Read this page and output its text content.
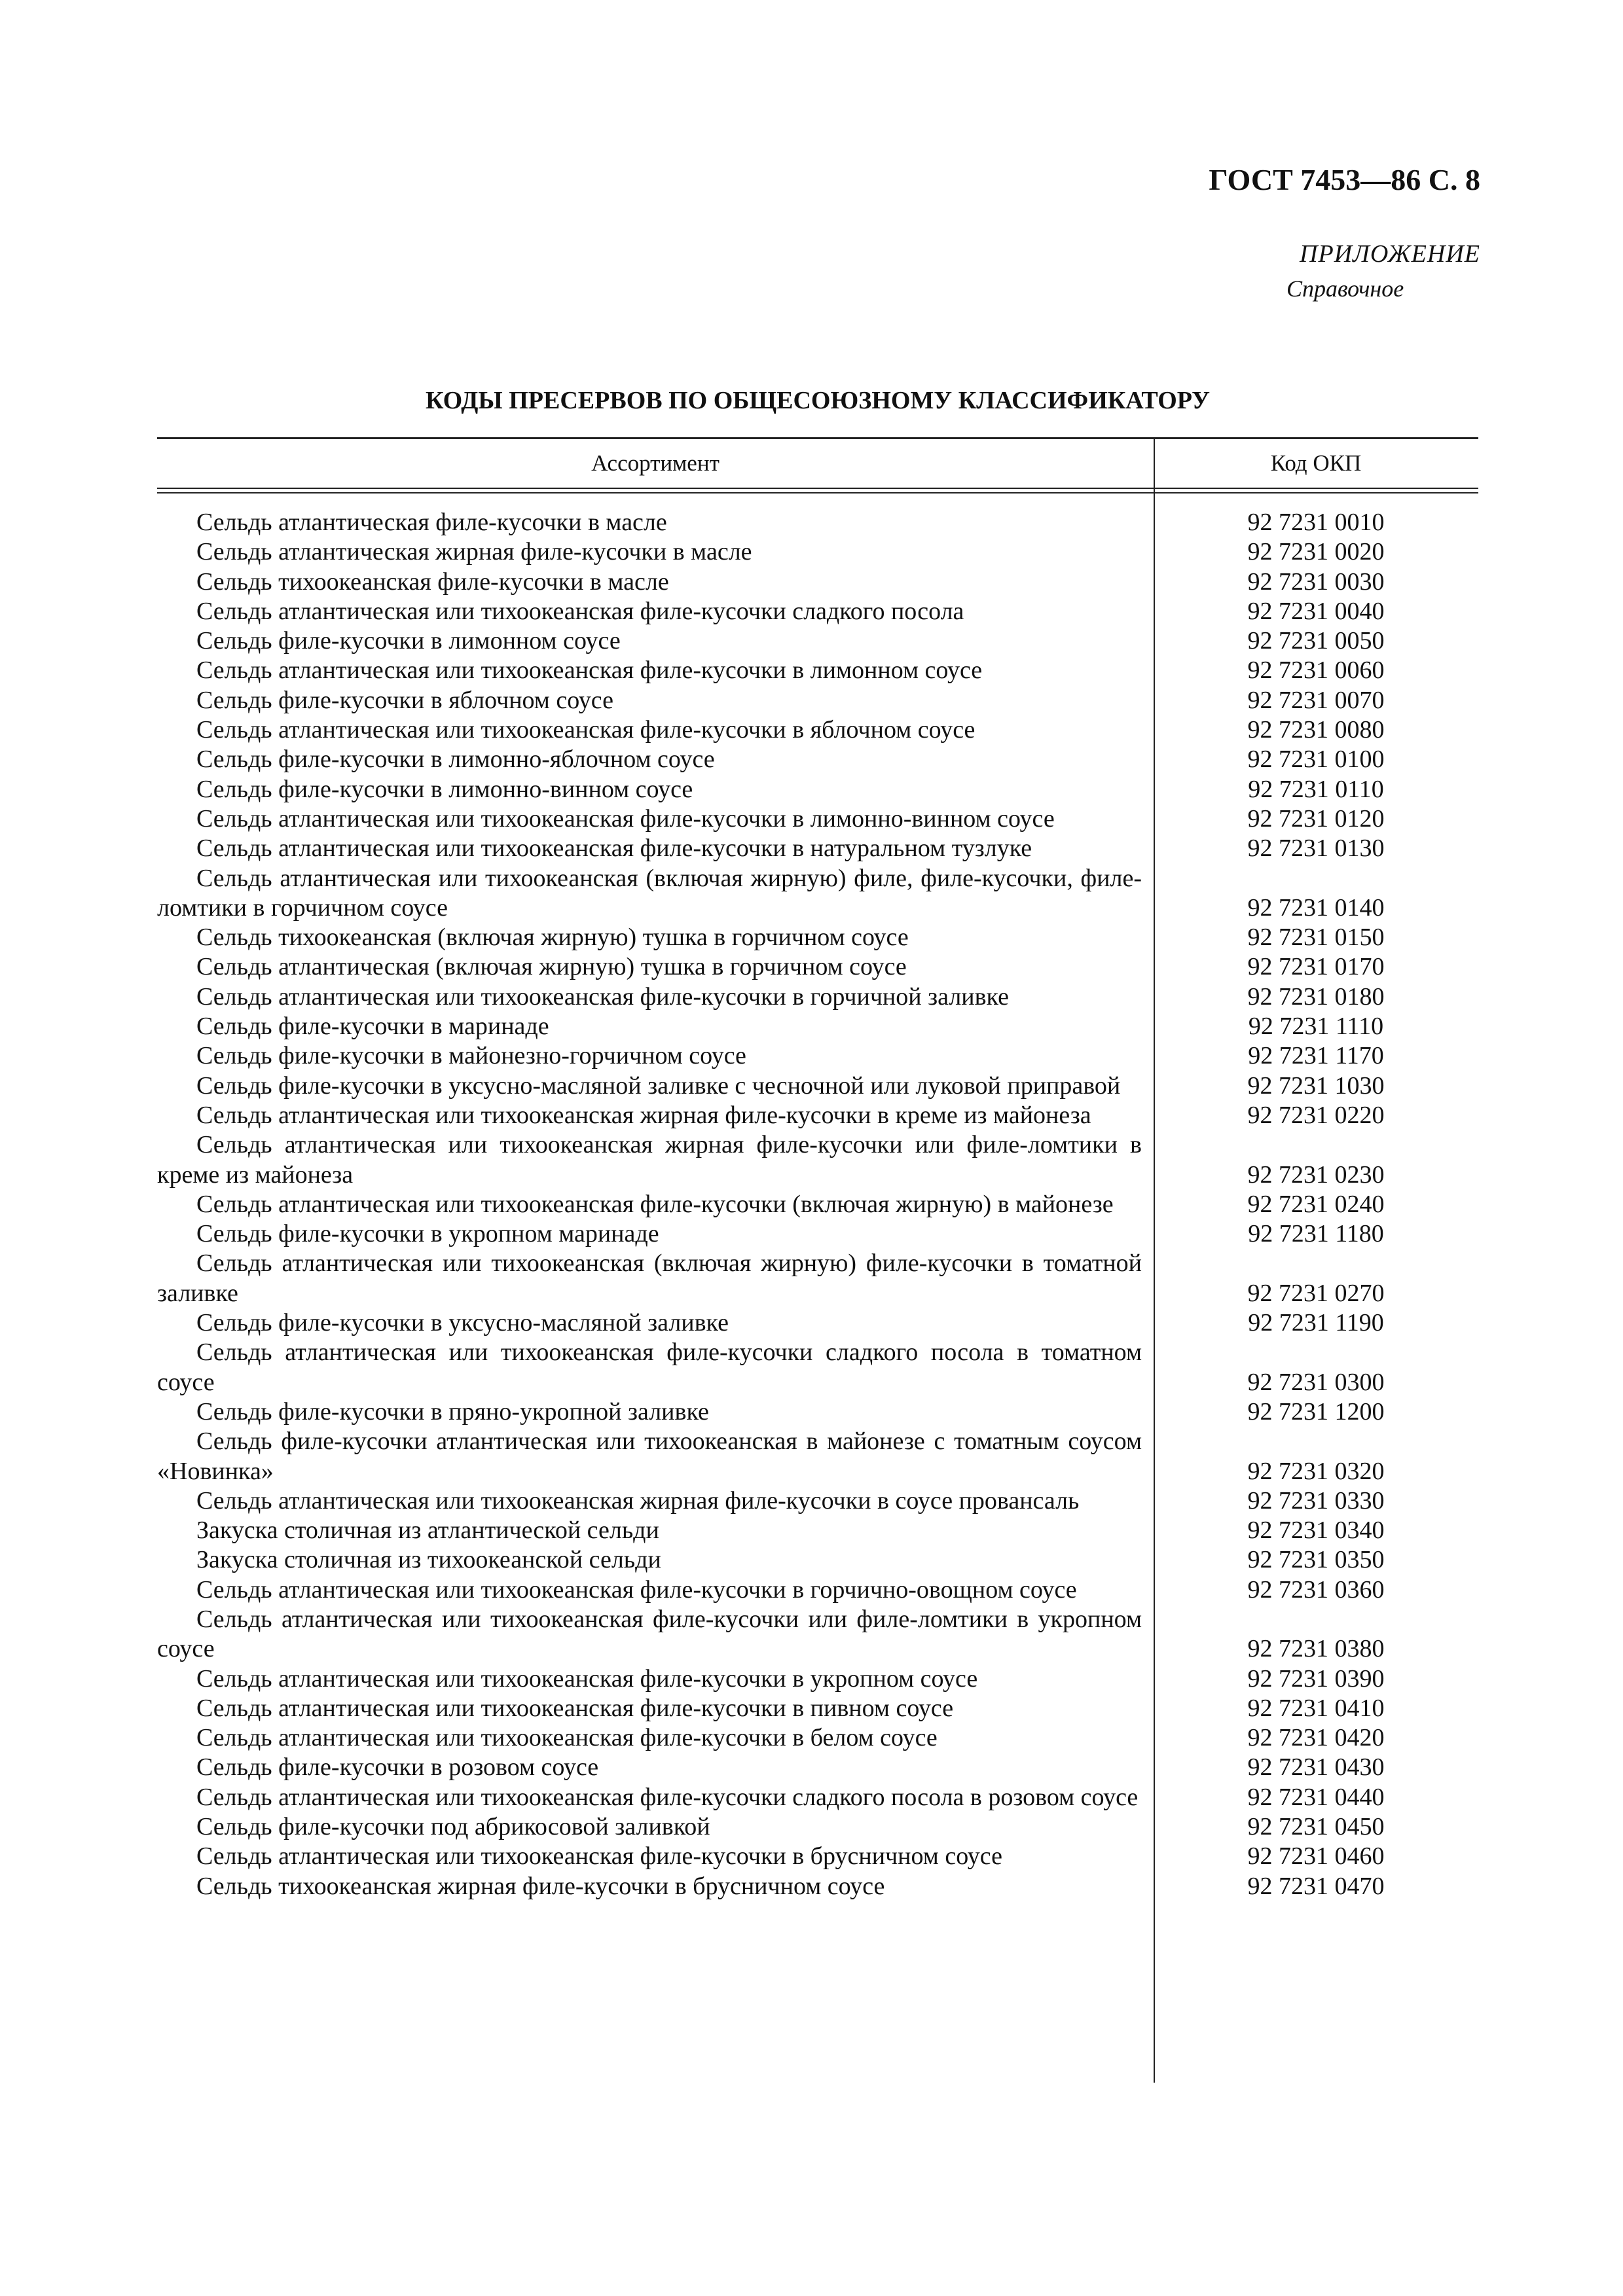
ГОСТ 7453—86 С. 8
ПРИЛОЖЕНИЕ
Справочное
КОДЫ ПРЕСЕРВОВ ПО ОБЩЕСОЮЗНОМУ КЛАССИФИКАТОРУ
Ассортимент	Код ОКП
Сельдь атлантическая филе-кусочки в масле	92 7231 0010
Сельдь атлантическая жирная филе-кусочки в масле	92 7231 0020
Сельдь тихоокеанская филе-кусочки в масле	92 7231 0030
Сельдь атлантическая или тихоокеанская филе-кусочки сладкого посола	92 7231 0040
Сельдь филе-кусочки в лимонном соусе	92 7231 0050
Сельдь атлантическая или тихоокеанская филе-кусочки в лимонном соусе	92 7231 0060
Сельдь филе-кусочки в яблочном соусе	92 7231 0070
Сельдь атлантическая или тихоокеанская филе-кусочки в яблочном соусе	92 7231 0080
Сельдь филе-кусочки в лимонно-яблочном соусе	92 7231 0100
Сельдь филе-кусочки в лимонно-винном соусе	92 7231 0110
Сельдь атлантическая или тихоокеанская филе-кусочки в лимонно-винном соусе	92 7231 0120
Сельдь атлантическая или тихоокеанская филе-кусочки в натуральном тузлуке	92 7231 0130
Сельдь атлантическая или тихоокеанская (включая жирную) филе, филе-кусочки, филе-ломтики в горчичном соусе	92 7231 0140
Сельдь тихоокеанская (включая жирную) тушка в горчичном соусе	92 7231 0150
Сельдь атлантическая (включая жирную) тушка в горчичном соусе	92 7231 0170
Сельдь атлантическая или тихоокеанская филе-кусочки в горчичной заливке	92 7231 0180
Сельдь филе-кусочки в маринаде	92 7231 1110
Сельдь филе-кусочки в майонезно-горчичном соусе	92 7231 1170
Сельдь филе-кусочки в уксусно-масляной заливке с чесночной или луковой приправой	92 7231 1030
Сельдь атлантическая или тихоокеанская жирная филе-кусочки в креме из майонеза	92 7231 0220
Сельдь атлантическая или тихоокеанская жирная филе-кусочки или филе-ломтики в креме из майонеза	92 7231 0230
Сельдь атлантическая или тихоокеанская филе-кусочки (включая жирную) в майонезе	92 7231 0240
Сельдь филе-кусочки в укропном маринаде	92 7231 1180
Сельдь атлантическая или тихоокеанская (включая жирную) филе-кусочки в томатной заливке	92 7231 0270
Сельдь филе-кусочки в уксусно-масляной заливке	92 7231 1190
Сельдь атлантическая или тихоокеанская филе-кусочки сладкого посола в томатном соусе	92 7231 0300
Сельдь филе-кусочки в пряно-укропной заливке	92 7231 1200
Сельдь филе-кусочки атлантическая или тихоокеанская в майонезе с томатным соусом «Новинка»	92 7231 0320
Сельдь атлантическая или тихоокеанская жирная филе-кусочки в соусе провансаль	92 7231 0330
Закуска столичная из атлантической сельди	92 7231 0340
Закуска столичная из тихоокеанской сельди	92 7231 0350
Сельдь атлантическая или тихоокеанская филе-кусочки в горчично-овощном соусе	92 7231 0360
Сельдь атлантическая или тихоокеанская филе-кусочки или филе-ломтики в укропном соусе	92 7231 0380
Сельдь атлантическая или тихоокеанская филе-кусочки в укропном соусе	92 7231 0390
Сельдь атлантическая или тихоокеанская филе-кусочки в пивном соусе	92 7231 0410
Сельдь атлантическая или тихоокеанская филе-кусочки в белом соусе	92 7231 0420
Сельдь филе-кусочки в розовом соусе	92 7231 0430
Сельдь атлантическая или тихоокеанская филе-кусочки сладкого посола в розовом соусе	92 7231 0440
Сельдь филе-кусочки под абрикосовой заливкой	92 7231 0450
Сельдь атлантическая или тихоокеанская филе-кусочки в брусничном соусе	92 7231 0460
Сельдь тихоокеанская жирная филе-кусочки в брусничном соусе	92 7231 0470
